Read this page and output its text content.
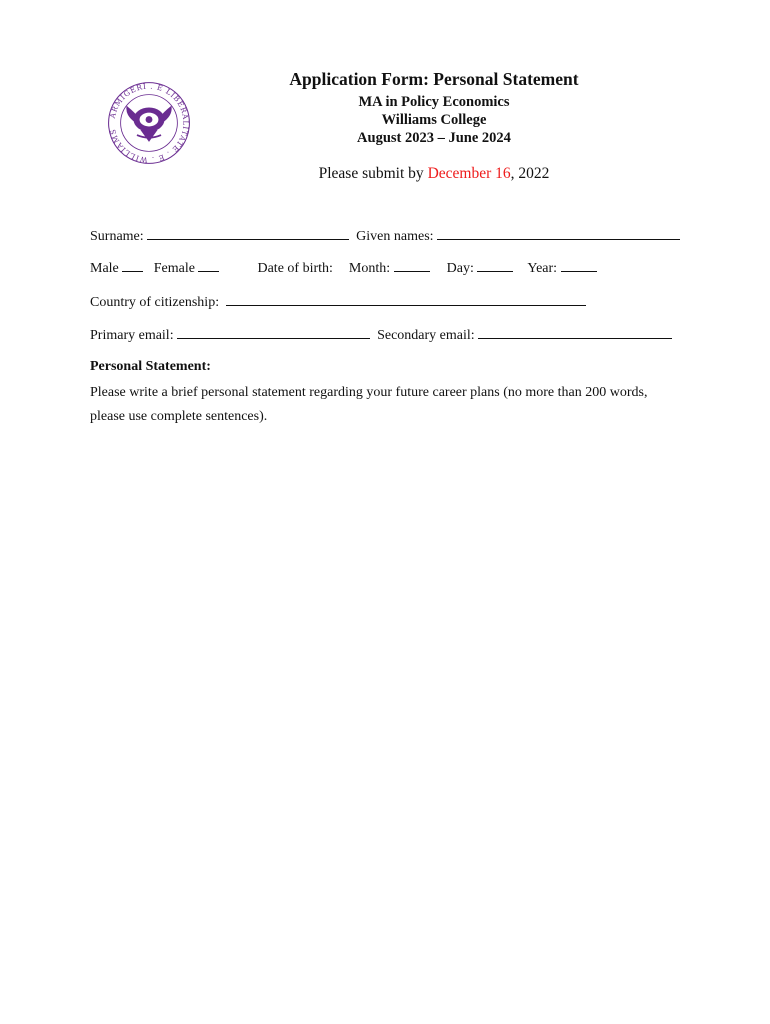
ARMIGERI . E LIBERALITATE . E . WILLIAMS

Application Form: Personal Statement

MA in Policy Economics

Williams College

August 2023 – June 2024

Please submit by December 16, 2022
Surname:	Given names:
Male	Female	Date of birth: Month:	Day:	Year:
Country of citizenship:
Primary email:	Secondary email:
Personal Statement:
Please write a brief personal statement regarding your future career plans (no more than 200 words, please use complete sentences).
